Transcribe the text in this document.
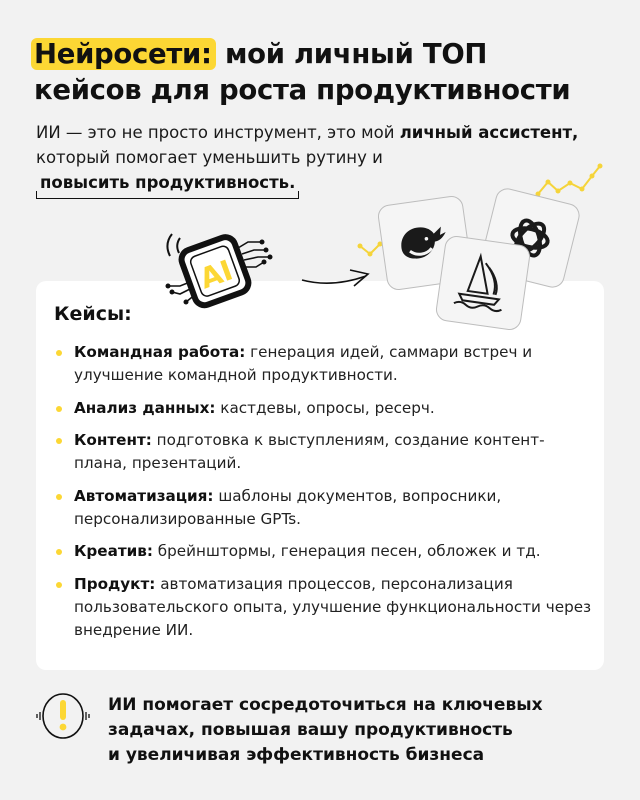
Нейросети: мой личный ТОП
кейсов для роста продуктивности

ИИ — это не просто инструмент, это мой личный ассистент, который помогает уменьшить рутину иповысить продуктивность.

Кейсы:
Командная работа: генерация идей, саммари встреч и улучшение командной продуктивности.
Анализ данных: кастдевы, опросы, ресерч.
Контент: подготовка к выступлениям, создание контент-плана, презентаций.
Автоматизация: шаблоны документов, вопросники, персонализированные GPTs.
Креатив: брейнштормы, генерация песен, обложек и тд.
Продукт: автоматизация процессов, персонализация пользовательского опыта, улучшение функциональности через внедрение ИИ.
AI

ИИ помогает сосредоточиться на ключевых
задачах, повышая вашу продуктивность
и увеличивая эффективность бизнеса
